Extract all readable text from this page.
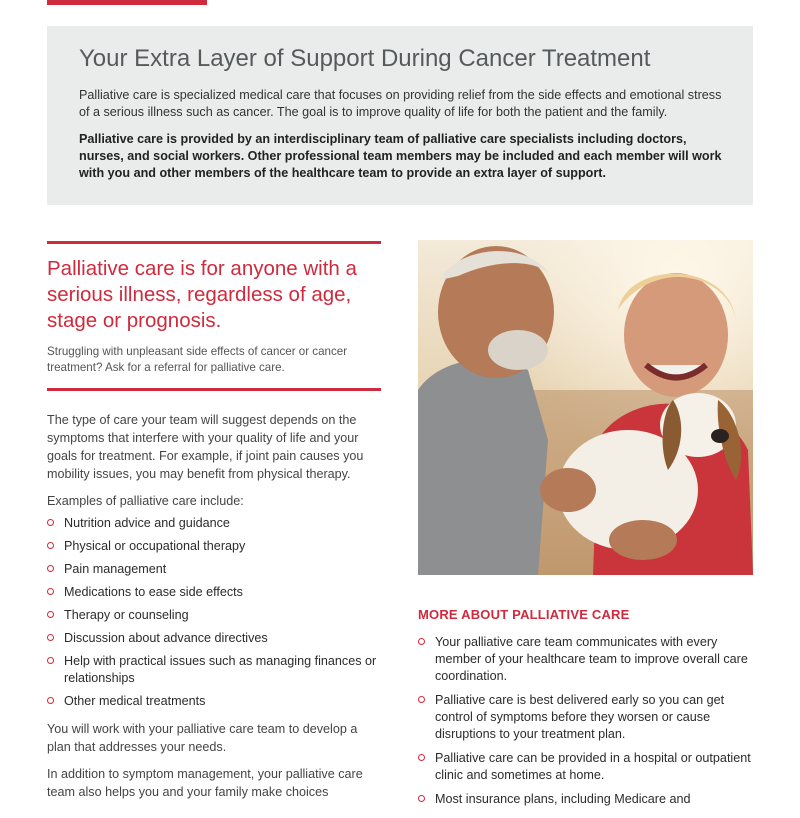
Your Extra Layer of Support During Cancer Treatment

Palliative care is specialized medical care that focuses on providing relief from the side effects and emotional stress of a serious illness such as cancer. The goal is to improve quality of life for both the patient and the family.

Palliative care is provided by an interdisciplinary team of palliative care specialists including doctors, nurses, and social workers. Other professional team members may be included and each member will work with you and other members of the healthcare team to provide an extra layer of support.

Palliative care is for anyone with a serious illness, regardless of age, stage or prognosis.

Struggling with unpleasant side effects of cancer or cancer treatment? Ask for a referral for palliative care.

The type of care your team will suggest depends on the symptoms that interfere with your quality of life and your goals for treatment. For example, if joint pain causes you mobility issues, you may benefit from physical therapy.

Examples of palliative care include:

Nutrition advice and guidance
Physical or occupational therapy
Pain management
Medications to ease side effects
Therapy or counseling
Discussion about advance directives
Help with practical issues such as managing finances or relationships
Other medical treatments

You will work with your palliative care team to develop a plan that addresses your needs.

In addition to symptom management, your palliative care team also helps you and your family make choices

MORE ABOUT PALLIATIVE CARE
Your palliative care team communicates with every member of your healthcare team to improve overall care coordination.
Palliative care is best delivered early so you can get control of symptoms before they worsen or cause disruptions to your treatment plan.
Palliative care can be provided in a hospital or outpatient clinic and sometimes at home.
Most insurance plans, including Medicare and
